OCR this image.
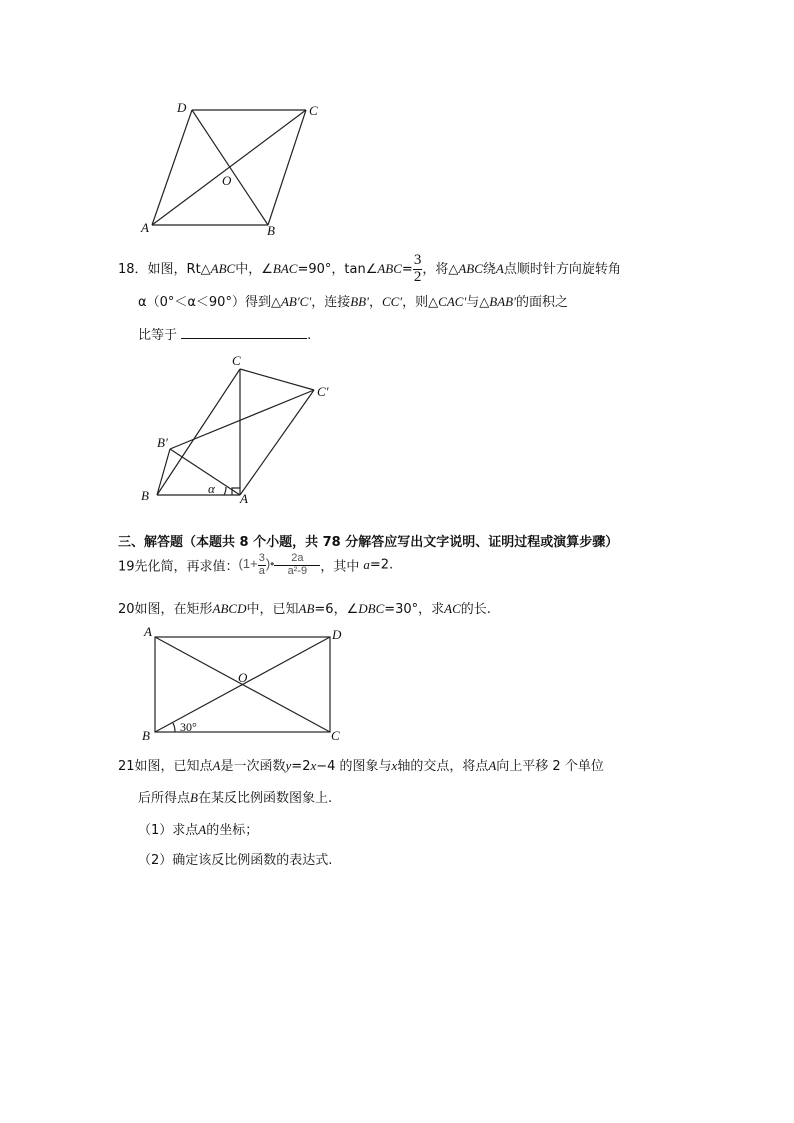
D	C
O
A	B
C
C′
B′
B	α
A
A	D
O
B	C
30°
18．如图，Rt△ABC中，∠BAC=90°，tan∠ABC= $\frac{3}{2}$ ，将△ABC绕A点顺时针方向旋转角
α（0°＜α＜90°）得到△AB′C′，连接BB′，CC′，则△CAC′与△BAB′的面积之
比等于	.
三、解答题（本题共 8 个小题，共 78 分解答应写出文字说明、证明过程或演算步骤）
19先化简，再求值：($1+ \frac{3}{a}$ )• $\frac{2a}{\text{a²-9}}$ ，其中 a=2.
20如图，在矩形ABCD中，已知AB=6，∠DBC=30°，求AC的长.
21如图，已知点A是一次函数y=2x−4 的图象与x轴的交点，将点A向上平移 2 个单位
后所得点B在某反比例函数图象上.
（1）求点A的坐标；
（2）确定该反比例函数的表达式.
